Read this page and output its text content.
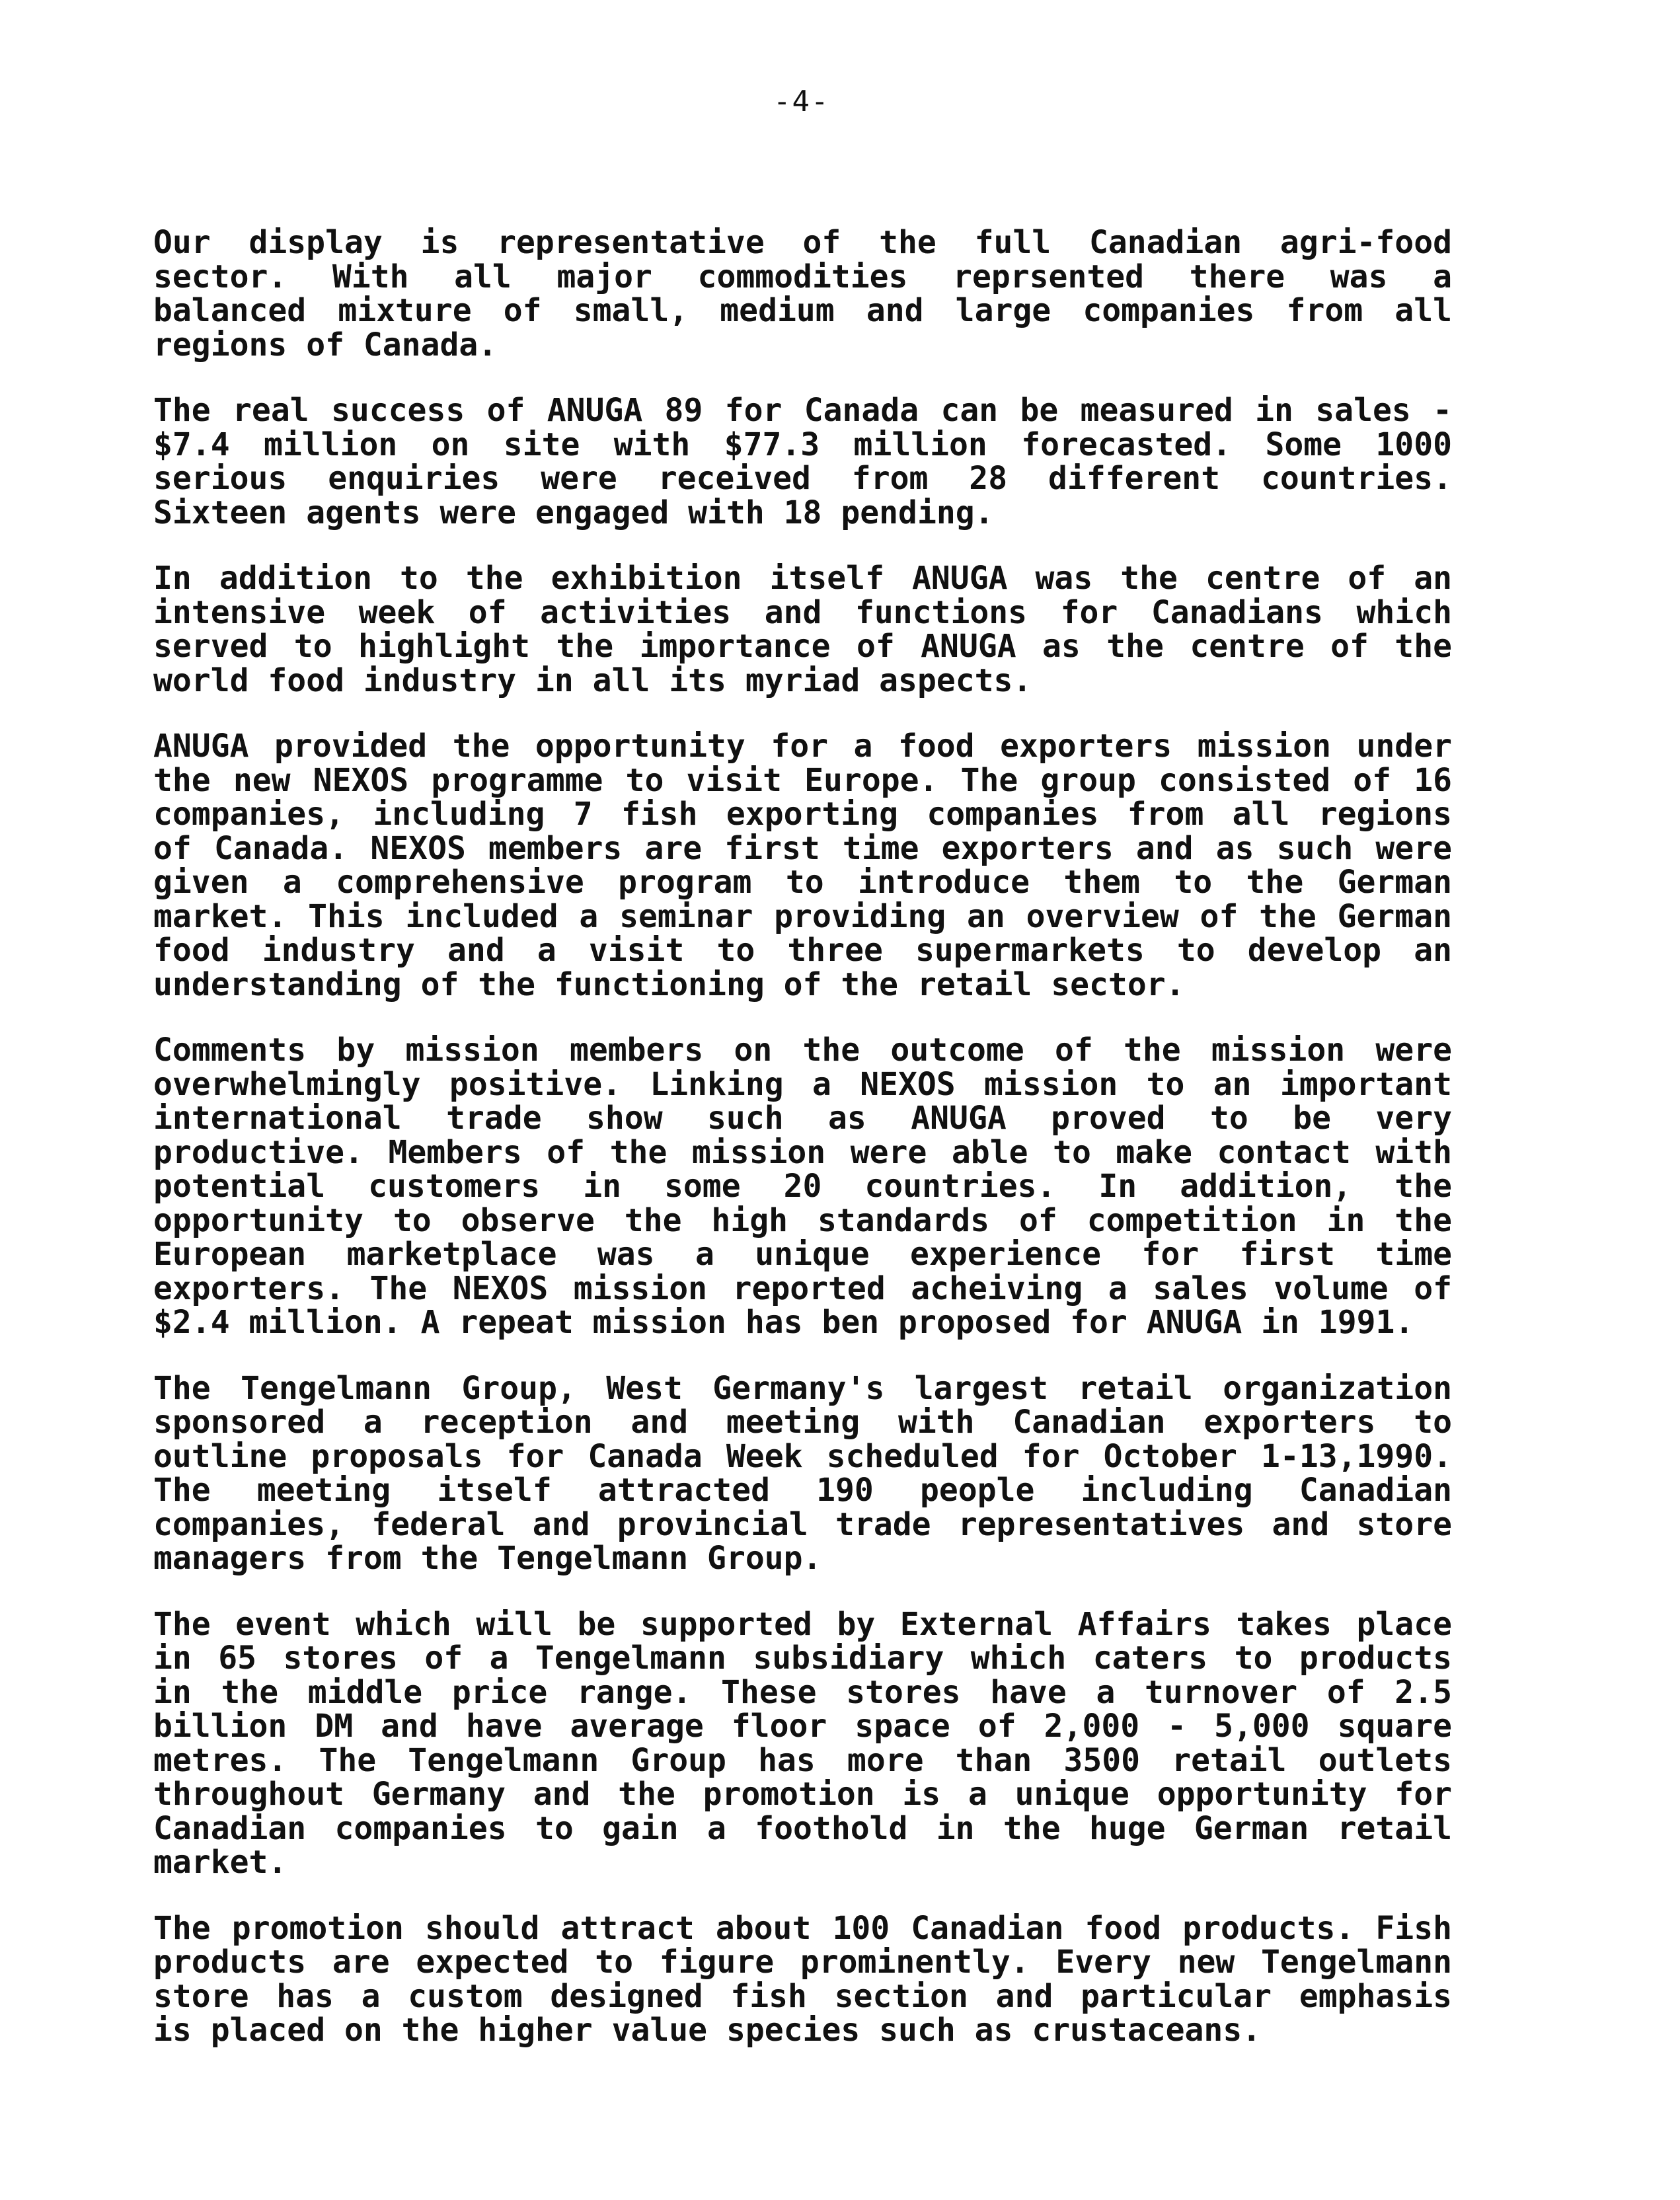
-4-
Our display is representative of the full Canadian agri-food
sector. With all major commodities reprsented there was a
balanced mixture of small, medium and large companies from all
regions of Canada.
The real success of ANUGA 89 for Canada can be measured in sales -
$7.4 million on site with $77.3 million forecasted. Some 1000
serious enquiries were received from 28 different countries.
Sixteen agents were engaged with 18 pending.
In addition to the exhibition itself ANUGA was the centre of an
intensive week of activities and functions for Canadians which
served to highlight the importance of ANUGA as the centre of the
world food industry in all its myriad aspects.
ANUGA provided the opportunity for a food exporters mission under
the new NEXOS programme to visit Europe. The group consisted of 16
companies, including 7 fish exporting companies from all regions
of Canada. NEXOS members are first time exporters and as such were
given a comprehensive program to introduce them to the German
market. This included a seminar providing an overview of the German
food industry and a visit to three supermarkets to develop an
understanding of the functioning of the retail sector.
Comments by mission members on the outcome of the mission were
overwhelmingly positive. Linking a NEXOS mission to an important
international trade show such as ANUGA proved to be very
productive. Members of the mission were able to make contact with
potential customers in some 20 countries. In addition, the
opportunity to observe the high standards of competition in the
European marketplace was a unique experience for first time
exporters. The NEXOS mission reported acheiving a sales volume of
$2.4 million. A repeat mission has ben proposed for ANUGA in 1991.
The Tengelmann Group, West Germany's largest retail organization
sponsored a reception and meeting with Canadian exporters to
outline proposals for Canada Week scheduled for October 1-13,1990.
The meeting itself attracted 190 people including Canadian
companies, federal and provincial trade representatives and store
managers from the Tengelmann Group.
The event which will be supported by External Affairs takes place
in 65 stores of a Tengelmann subsidiary which caters to products
in the middle price range. These stores have a turnover of 2.5
billion DM and have average floor space of 2,000 - 5,000 square
metres. The Tengelmann Group has more than 3500 retail outlets
throughout Germany and the promotion is a unique opportunity for
Canadian companies to gain a foothold in the huge German retail
market.
The promotion should attract about 100 Canadian food products. Fish
products are expected to figure prominently. Every new Tengelmann
store has a custom designed fish section and particular emphasis
is placed on the higher value species such as crustaceans.
